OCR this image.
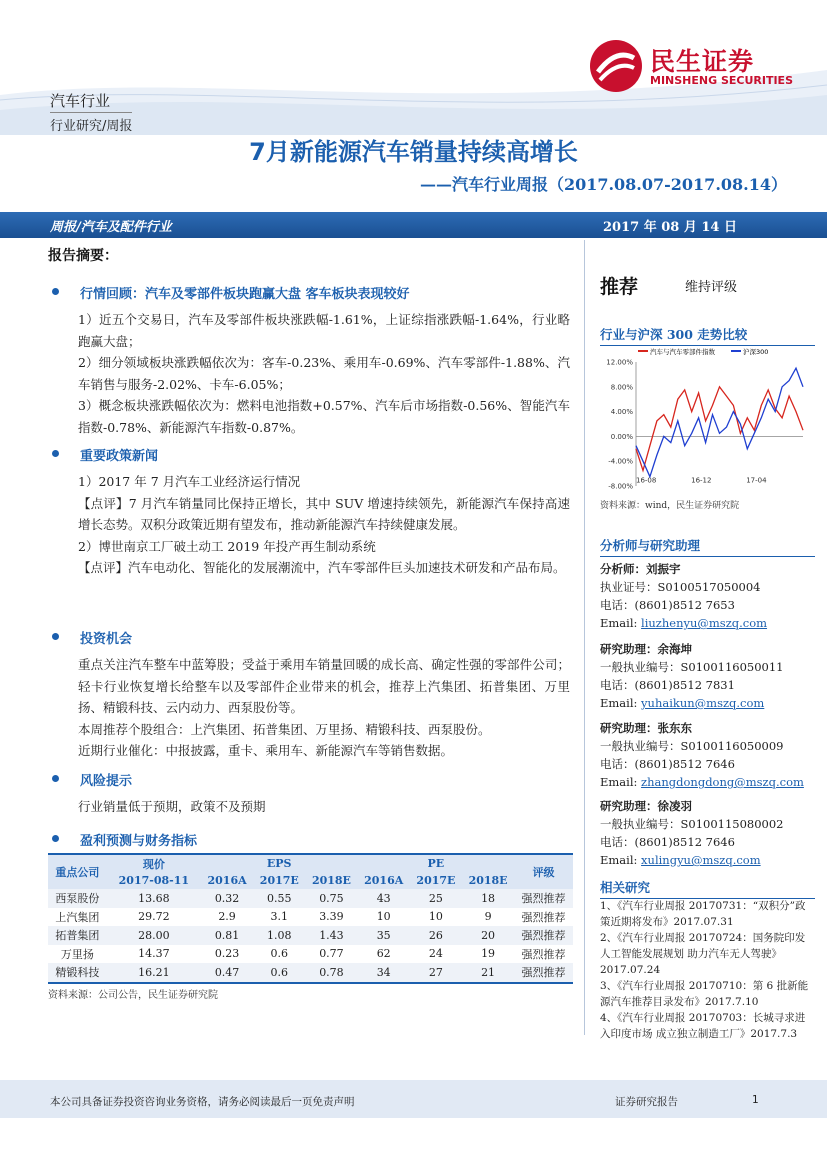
民生证券
MINSHENG SECURITIES
汽车行业
行业研究/周报
7月新能源汽车销量持续高增长
——汽车行业周报（2017.08.07-2017.08.14）
周报/汽车及配件行业	2017 年 08 月 14 日
报告摘要：
行情回顾：汽车及零部件板块跑赢大盘 客车板块表现较好

1）近五个交易日，汽车及零部件板块涨跌幅-1.61%，上证综指涨跌幅-1.64%，行业略跑赢大盘；

2）细分领域板块涨跌幅依次为：客车-0.23%、乘用车-0.69%、汽车零部件-1.88%、汽车销售与服务-2.02%、卡车-6.05%；

3）概念板块涨跌幅依次为：燃料电池指数+0.57%、汽车后市场指数-0.56%、智能汽车指数-0.78%、新能源汽车指数-0.87%。

重要政策新闻

1）2017 年 7 月汽车工业经济运行情况

【点评】7 月汽车销量同比保持正增长，其中 SUV 增速持续领先，新能源汽车保持高速增长态势。双积分政策近期有望发布，推动新能源汽车持续健康发展。

2）博世南京工厂破土动工 2019 年投产再生制动系统

【点评】汽车电动化、智能化的发展潮流中，汽车零部件巨头加速技术研发和产品布局。

投资机会

重点关注汽车整车中蓝筹股；受益于乘用车销量回暖的成长高、确定性强的零部件公司；轻卡行业恢复增长给整车以及零部件企业带来的机会，推荐上汽集团、拓普集团、万里扬、精锻科技、云内动力、西泵股份等。

本周推荐个股组合：上汽集团、拓普集团、万里扬、精锻科技、西泵股份。

近期行业催化：中报披露，重卡、乘用车、新能源汽车等销售数据。

风险提示

行业销量低于预期，政策不及预期

盈利预测与财务指标
重点公司	现价	EPS			PE			评级
	2017-08-11	2016A	2017E	2018E	2016A	2017E	2018E	
西泵股份	13.68	0.32	0.55	0.75	43	25	18	强烈推荐
上汽集团	29.72	2.9	3.1	3.39	10	10	9	强烈推荐
拓普集团	28.00	0.81	1.08	1.43	35	26	20	强烈推荐
万里扬	14.37	0.23	0.6	0.77	62	24	19	强烈推荐
精锻科技	16.21	0.47	0.6	0.78	34	27	21	强烈推荐
资料来源：公司公告，民生证券研究院
推荐	维持评级
行业与沪深 300 走势比较
12.00%
8.00%
4.00%
0.00%
-4.00%
-8.00%
16-08	16-12	17-04
汽车与汽车零部件指数	沪深300
资料来源：wind，民生证券研究院
分析师与研究助理
分析师：刘振宇
执业证号：S0100517050004
电话：(8601)8512 7653
Email: liuzhenyu@mszq.com
研究助理：余海坤
一般执业编号：S0100116050011
电话：(8601)8512 7831
Email: yuhaikun@mszq.com
研究助理：张东东
一般执业编号：S0100116050009
电话：(8601)8512 7646
Email: zhangdongdong@mszq.com
研究助理：徐凌羽
一般执业编号：S0100115080002
电话：(8601)8512 7646
Email: xulingyu@mszq.com
相关研究

1、《汽车行业周报 20170731：“双积分”政策近期将发布》2017.07.31

2、《汽车行业周报 20170724：国务院印发人工智能发展规划 助力汽车无人驾驶》2017.07.24

3、《汽车行业周报 20170710：第 6 批新能源汽车推荐目录发布》2017.7.10

4、《汽车行业周报 20170703：长城寻求进入印度市场 成立独立制造工厂》2017.7.3

本公司具备证券投资咨询业务资格，请务必阅读最后一页免责声明	证券研究报告	1
